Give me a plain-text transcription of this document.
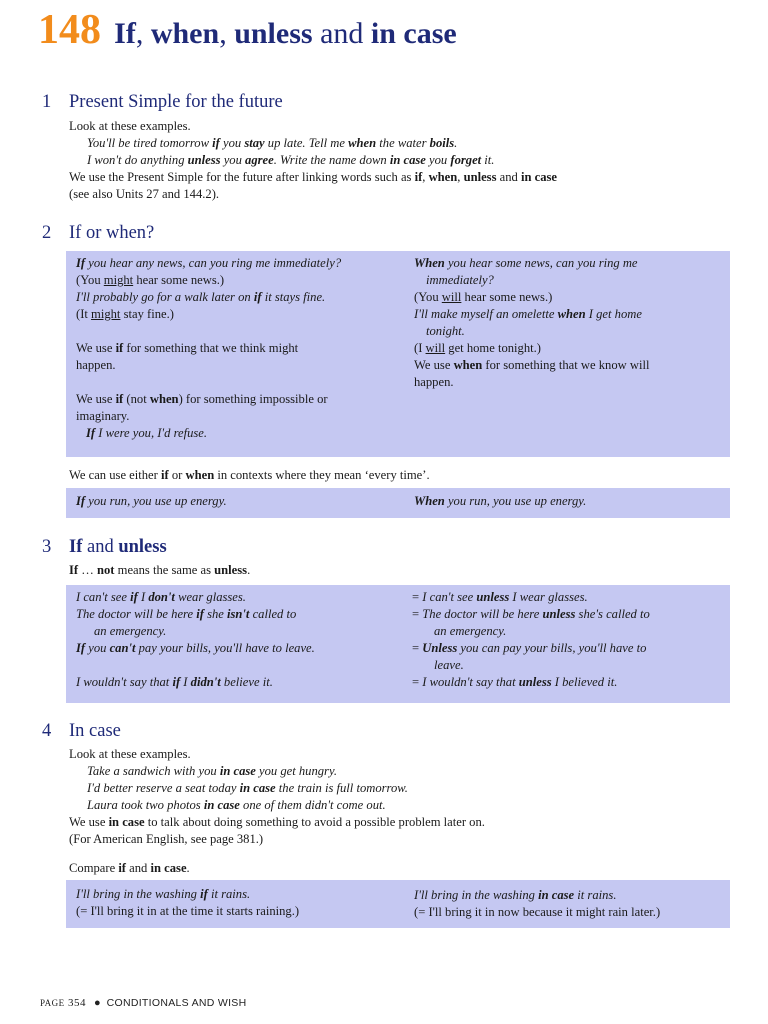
148 If, when, unless and in case
1 Present Simple for the future
Look at these examples.
You'll be tired tomorrow if you stay up late. Tell me when the water boils.
I won't do anything unless you agree. Write the name down in case you forget it.
We use the Present Simple for the future after linking words such as if, when, unless and in case
(see also Units 27 and 144.2).
2 If or when?
If you hear any news, can you ring me immediately?
(You might hear some news.)
I'll probably go for a walk later on if it stays fine.
(It might stay fine.)
We use if for something that we think might
happen.
We use if (not when) for something impossible or
imaginary.
If I were you, I'd refuse.
When you hear some news, can you ring me
immediately?
(You will hear some news.)
I'll make myself an omelette when I get home
tonight.
(I will get home tonight.)
We use when for something that we know will
happen.
We can use either if or when in contexts where they mean ‘every time’.
If you run, you use up energy.	When you run, you use up energy.
3 If and unless
If … not means the same as unless.
I can't see if I don't wear glasses.
The doctor will be here if she isn't called to
an emergency.
If you can't pay your bills, you'll have to leave.
I wouldn't say that if I didn't believe it.
= I can't see unless I wear glasses.
= The doctor will be here unless she's called to
an emergency.
= Unless you can pay your bills, you'll have to
leave.
= I wouldn't say that unless I believed it.
4 In case
Look at these examples.
Take a sandwich with you in case you get hungry.
I'd better reserve a seat today in case the train is full tomorrow.
Laura took two photos in case one of them didn't come out.
We use in case to talk about doing something to avoid a possible problem later on.
(For American English, see page 381.)
Compare if and in case.
I'll bring in the washing if it rains.
(= I'll bring it in at the time it starts raining.)
I'll bring in the washing in case it rains.
(= I'll bring it in now because it might rain later.)
PAGE 354 ● CONDITIONALS AND WISH
